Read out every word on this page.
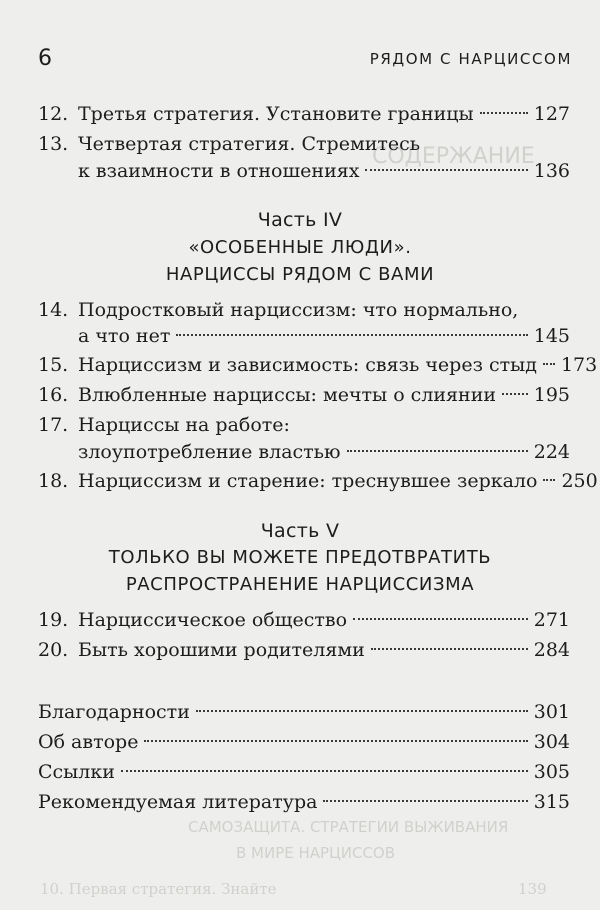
СОДЕРЖАНИЕ
САМОЗАЩИТА. СТРАТЕГИИ ВЫЖИВАНИЯ
В МИРЕ НАРЦИССОВ
10. Первая стратегия. Знайте	139
6	РЯДОМ С НАРЦИССОМ
12. Третья стратегия. Установите границы	127
13. Четвертая стратегия. Стремитесь
к взаимности в отношениях	136
Часть IV
«ОСОБЕННЫЕ ЛЮДИ».
НАРЦИССЫ РЯДОМ С ВАМИ
14. Подростковый нарциссизм: что нормально,
а что нет	145
15. Нарциссизм и зависимость: связь через стыд 173
16. Влюбленные нарциссы: мечты о слиянии 195
17. Нарциссы на работе:
злоупотребление властью	224
18. Нарциссизм и старение: треснувшее зеркало 250
Часть V
ТОЛЬКО ВЫ МОЖЕТЕ ПРЕДОТВРАТИТЬ
РАСПРОСТРАНЕНИЕ НАРЦИССИЗМА
19. Нарциссическое общество	271
20. Быть хорошими родителями	284
Благодарности	301
Об авторе	304
Ссылки	305
Рекомендуемая литература	315
